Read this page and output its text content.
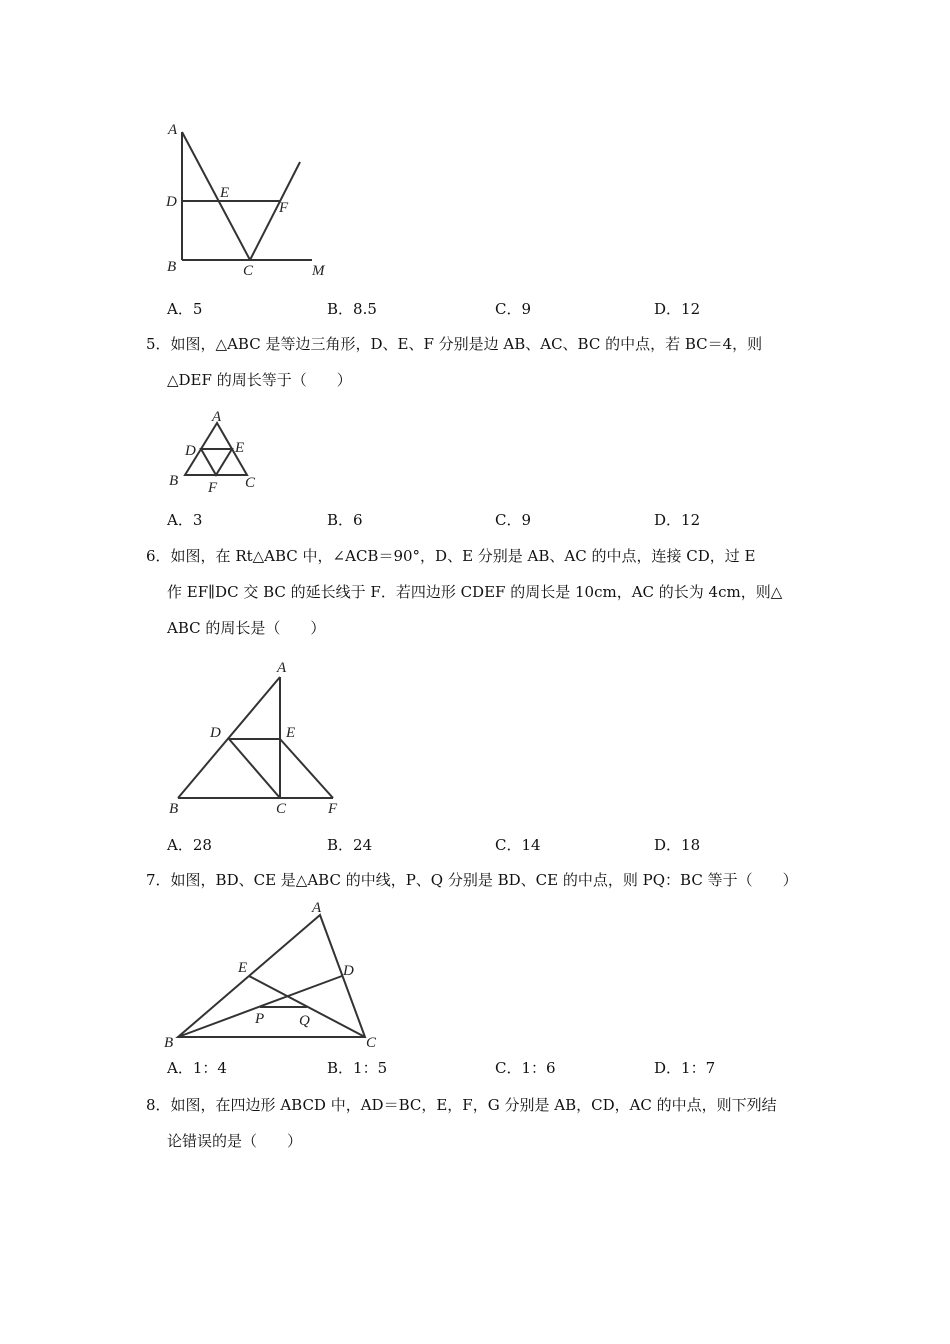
A
D
E
F
B	C	M
A．5	B．8.5	C．9	D．12

5．如图，△ABC 是等边三角形，D、E、F 分别是边 AB、AC、BC 的中点，若 BC＝4，则

△DEF 的周长等于（　　）

A
D	E
B F C
A．3	B．6	C．9	D．12

6．如图，在 Rt△ABC 中，∠ACB＝90°，D、E 分别是 AB、AC 的中点，连接 CD，过 E

作 EF∥DC 交 BC 的延长线于 F．若四边形 CDEF 的周长是 10cm，AC 的长为 4cm，则△

ABC 的周长是（　　）

A
D	E
B	C	F
A．28	B．24	C．14	D．18

7．如图，BD、CE 是△ABC 的中线，P、Q 分别是 BD、CE 的中点，则 PQ：BC 等于（　　）

A
E	D
P Q
B	C
A．1：4	B．1：5	C．1：6	D．1：7

8．如图，在四边形 ABCD 中，AD＝BC，E，F，G 分别是 AB，CD，AC 的中点，则下列结

论错误的是（　　）
